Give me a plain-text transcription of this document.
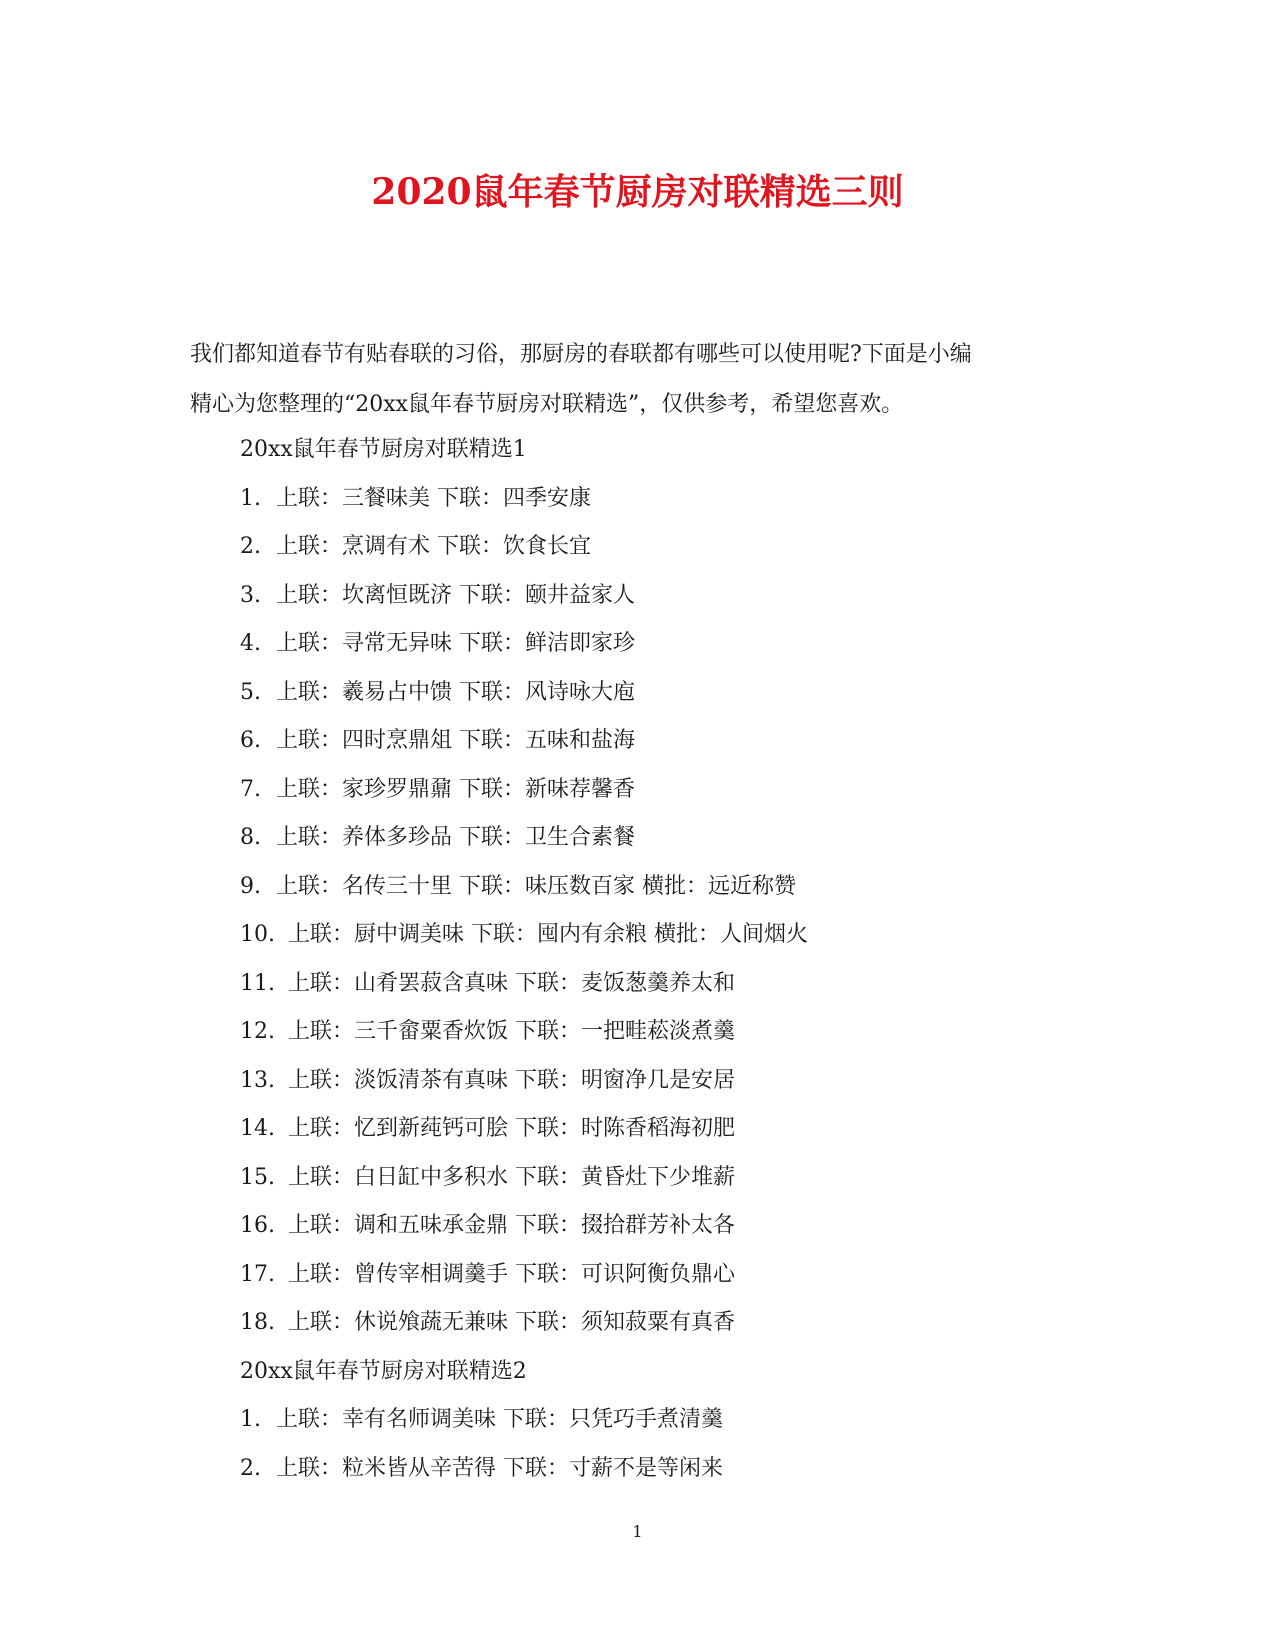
2020鼠年春节厨房对联精选三则
我们都知道春节有贴春联的习俗，那厨房的春联都有哪些可以使用呢?下面是小编
精心为您整理的“20xx鼠年春节厨房对联精选”，仅供参考，希望您喜欢。
20xx鼠年春节厨房对联精选1
1. 上联：三餐味美 下联：四季安康
2. 上联：烹调有术 下联：饮食长宜
3. 上联：坎离恒既济 下联：颐井益家人
4. 上联：寻常无异味 下联：鲜洁即家珍
5. 上联：羲易占中馈 下联：风诗咏大庖
6. 上联：四时烹鼎俎 下联：五味和盐海
7. 上联：家珍罗鼎鼐 下联：新味荐馨香
8. 上联：养体多珍品 下联：卫生合素餐
9. 上联：名传三十里 下联：味压数百家 横批：远近称赞
10. 上联：厨中调美味 下联：囤内有余粮 横批：人间烟火
11. 上联：山肴罢菽含真味 下联：麦饭葱羹养太和
12. 上联：三千畲粟香炊饭 下联：一把畦菘淡煮羹
13. 上联：淡饭清茶有真味 下联：明窗净几是安居
14. 上联：忆到新莼钙可脍 下联：时陈香稻海初肥
15. 上联：白日缸中多积水 下联：黄昏灶下少堆薪
16. 上联：调和五味承金鼎 下联：掇拾群芳补太各
17. 上联：曾传宰相调羹手 下联：可识阿衡负鼎心
18. 上联：休说飧蔬无兼味 下联：须知菽粟有真香
20xx鼠年春节厨房对联精选2
1. 上联：幸有名师调美味 下联：只凭巧手煮清羹
2. 上联：粒米皆从辛苦得 下联：寸薪不是等闲来
1
